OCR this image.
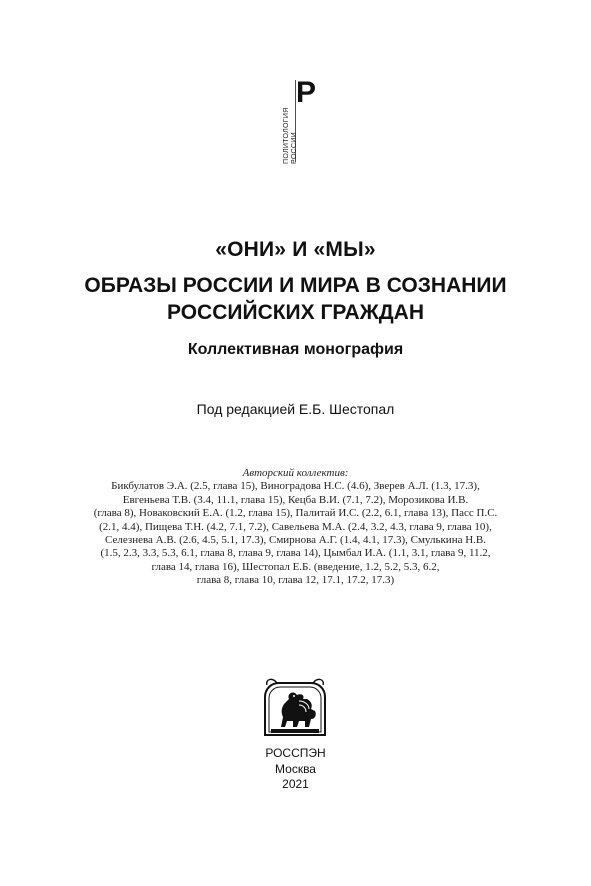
ПОЛИТОЛОГИЯ РОССИИ
Р
«ОНИ» И «МЫ»
ОБРАЗЫ РОССИИ И МИРА В СОЗНАНИИ
РОССИЙСКИХ ГРАЖДАН
Коллективная монография
Под редакцией Е.Б. Шестопал
Авторский коллектив:
Бикбулатов Э.А. (2.5, глава 15), Виноградова Н.С. (4.6), Зверев А.Л. (1.3, 17.3),
Евгеньева Т.В. (3.4, 11.1, глава 15), Кецба В.И. (7.1, 7.2), Морозикова И.В.
(глава 8), Новаковский Е.А. (1.2, глава 15), Палитай И.С. (2.2, 6.1, глава 13), Пасс П.С.
(2.1, 4.4), Пищева Т.Н. (4.2, 7.1, 7.2), Савельева М.А. (2.4, 3.2, 4.3, глава 9, глава 10),
Селезнева А.В. (2.6, 4.5, 5.1, 17.3), Смирнова А.Г. (1.4, 4.1, 17.3), Смулькина Н.В.
(1.5, 2.3, 3.3, 5.3, 6.1, глава 8, глава 9, глава 14), Цымбал И.А. (1.1, 3.1, глава 9, 11.2,
глава 14, глава 16), Шестопал Е.Б. (введение, 1.2, 5.2, 5.3, 6.2,
глава 8, глава 10, глава 12, 17.1, 17.2, 17.3)
РОССПЭН
Москва
2021
